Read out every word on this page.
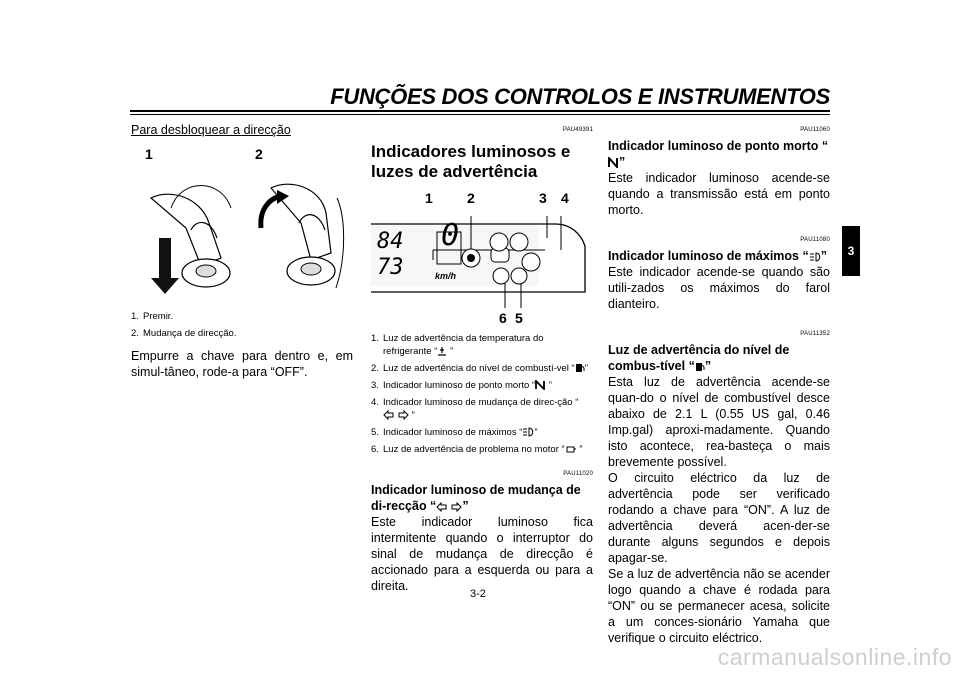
FUNÇÕES DOS CONTROLOS E INSTRUMENTOS
3
Para desbloquear a direcção
1	2
1. Premir.
2. Mudança de direcção.

Empurre a chave para dentro e, em simul-tâneo, rode-a para “OFF”.

PAU49391
Indicadores luminosos e luzes de advertência
1 2	3 4
6 5
84
73
0
km/h
1. Luz de advertência da temperatura do refrigerante “ ”
2. Luz de advertência do nível de combustí-vel “ ”
3. Indicador luminoso de ponto morto “ ”
4. Indicador luminoso de mudança de direc-ção “ ”
5. Indicador luminoso de máximos “ ”
6. Luz de advertência de problema no motor “ ”
PAU11020
Indicador luminoso de mudança de di-recção “ ”

Este indicador luminoso fica intermitente quando o interruptor do sinal de mudança de direcção é accionado para a esquerda ou para a direita.

PAU11060
Indicador luminoso de ponto morto “”

Este indicador luminoso acende-se quando a transmissão está em ponto morto.

PAU11080
Indicador luminoso de máximos “ ”

Este indicador acende-se quando são utili-zados os máximos do farol dianteiro.

PAU11352
Luz de advertência do nível de combus-tível “ ”

Esta luz de advertência acende-se quan-do o nível de combustível desce abaixo de 2.1 L (0.55 US gal, 0.46 Imp.gal) aproxi-madamente. Quando isto acontece, rea-basteça o mais brevemente possível.

O circuito eléctrico da luz de advertência pode ser verificado rodando a chave para “ON”. A luz de advertência deverá acen-der-se durante alguns segundos e depois apagar-se.

Se a luz de advertência não se acender logo quando a chave é rodada para “ON” ou se permanecer acesa, solicite a um conces-sionário Yamaha que verifique o circuito eléctrico.

3-2
carmanualsonline.info
